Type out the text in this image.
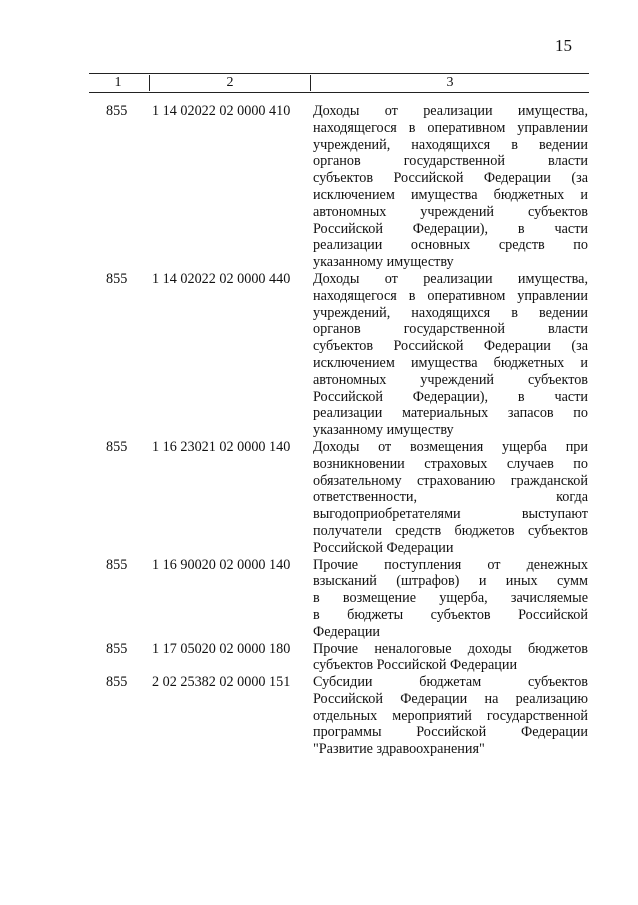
15
1	2	3
855 1 14 02022 02 0000 410 Доходы от реализации имущества,
находящегося в оперативном управлении
учреждений, находящихся в ведении
органов государственной власти
субъектов Российской Федерации (за
исключением имущества бюджетных и
автономных учреждений субъектов
Российской Федерации), в части
реализации основных средств по
указанному имуществу
855 1 14 02022 02 0000 440 Доходы от реализации имущества,
находящегося в оперативном управлении
учреждений, находящихся в ведении
органов государственной власти
субъектов Российской Федерации (за
исключением имущества бюджетных и
автономных учреждений субъектов
Российской Федерации), в части
реализации материальных запасов по
указанному имуществу
855 1 16 23021 02 0000 140 Доходы от возмещения ущерба при
возникновении страховых случаев по
обязательному страхованию гражданской
ответственности, когда
выгодоприобретателями выступают
получатели средств бюджетов субъектов
Российской Федерации
855 1 16 90020 02 0000 140 Прочие поступления от денежных
взысканий (штрафов) и иных сумм
в возмещение ущерба, зачисляемые
в бюджеты субъектов Российской
Федерации
855 1 17 05020 02 0000 180 Прочие неналоговые доходы бюджетов
субъектов Российской Федерации
855 2 02 25382 02 0000 151 Субсидии бюджетам субъектов
Российской Федерации на реализацию
отдельных мероприятий государственной
программы Российской Федерации
"Развитие здравоохранения"
